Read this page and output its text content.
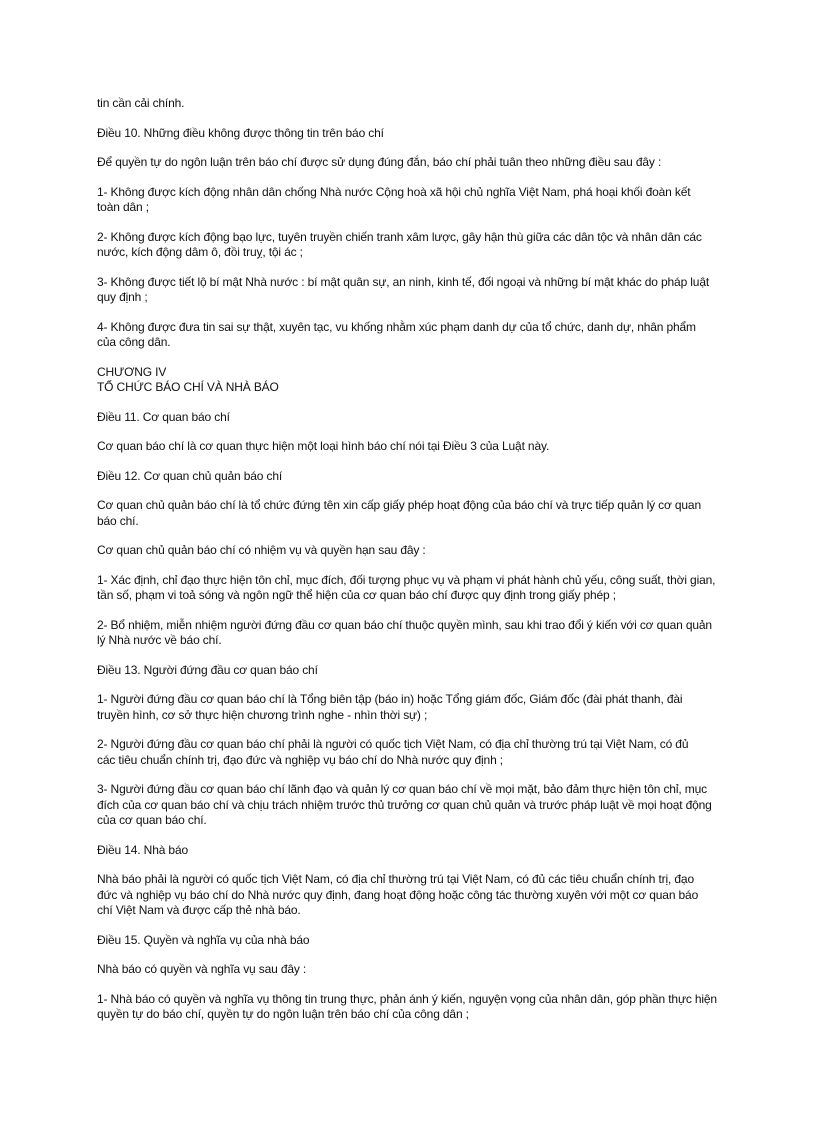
tin cần cải chính.
Điều 10. Những điều không được thông tin trên báo chí
Để quyền tự do ngôn luận trên báo chí được sử dụng đúng đắn, báo chí phải tuân theo những điều sau đây :
1- Không được kích động nhân dân chống Nhà nước Cộng hoà xã hội chủ nghĩa Việt Nam, phá hoại khối đoàn kết
toàn dân ;
2- Không được kích động bạo lực, tuyên truyền chiến tranh xâm lược, gây hận thù giữa các dân tộc và nhân dân các
nước, kích động dâm ô, đồi truỵ, tội ác ;
3- Không được tiết lộ bí mật Nhà nước : bí mật quân sự, an ninh, kinh tế, đối ngoại và những bí mật khác do pháp luật
quy định ;
4- Không được đưa tin sai sự thật, xuyên tạc, vu khống nhằm xúc phạm danh dự của tổ chức, danh dự, nhân phẩm
của công dân.
CHƯƠNG IV
TỔ CHỨC BÁO CHÍ VÀ NHÀ BÁO
Điều 11. Cơ quan báo chí
Cơ quan báo chí là cơ quan thực hiện một loại hình báo chí nói tại Điều 3 của Luật này.
Điều 12. Cơ quan chủ quản báo chí
Cơ quan chủ quản báo chí là tổ chức đứng tên xin cấp giấy phép hoạt động của báo chí và trực tiếp quản lý cơ quan
báo chí.
Cơ quan chủ quản báo chí có nhiệm vụ và quyền hạn sau đây :
1- Xác định, chỉ đạo thực hiện tôn chỉ, mục đích, đối tượng phục vụ và phạm vi phát hành chủ yếu, công suất, thời gian,
tần số, phạm vi toả sóng và ngôn ngữ thể hiện của cơ quan báo chí được quy định trong giấy phép ;
2- Bổ nhiệm, miễn nhiệm người đứng đầu cơ quan báo chí thuộc quyền mình, sau khi trao đổi ý kiến với cơ quan quản
lý Nhà nước về báo chí.
Điều 13. Người đứng đầu cơ quan báo chí
1- Người đứng đầu cơ quan báo chí là Tổng biên tập (báo in) hoặc Tổng giám đốc, Giám đốc (đài phát thanh, đài
truyền hình, cơ sở thực hiện chương trình nghe - nhìn thời sự) ;
2- Người đứng đầu cơ quan báo chí phải là người có quốc tịch Việt Nam, có địa chỉ thường trú tại Việt Nam, có đủ
các tiêu chuẩn chính trị, đạo đức và nghiệp vụ báo chí do Nhà nước quy định ;
3- Người đứng đầu cơ quan báo chí lãnh đạo và quản lý cơ quan báo chí về mọi mặt, bảo đảm thực hiện tôn chỉ, mục
đích của cơ quan báo chí và chịu trách nhiệm trước thủ trưởng cơ quan chủ quản và trước pháp luật về mọi hoạt động
của cơ quan báo chí.
Điều 14. Nhà báo
Nhà báo phải là người có quốc tịch Việt Nam, có địa chỉ thường trú tại Việt Nam, có đủ các tiêu chuẩn chính trị, đạo
đức và nghiệp vụ báo chí do Nhà nước quy định, đang hoạt động hoặc công tác thường xuyên với một cơ quan báo
chí Việt Nam và được cấp thẻ nhà báo.
Điều 15. Quyền và nghĩa vụ của nhà báo
Nhà báo có quyền và nghĩa vụ sau đây :
1- Nhà báo có quyền và nghĩa vụ thông tin trung thực, phản ánh ý kiến, nguyện vọng của nhân dân, góp phần thực hiện
quyền tự do báo chí, quyền tự do ngôn luận trên báo chí của công dân ;
